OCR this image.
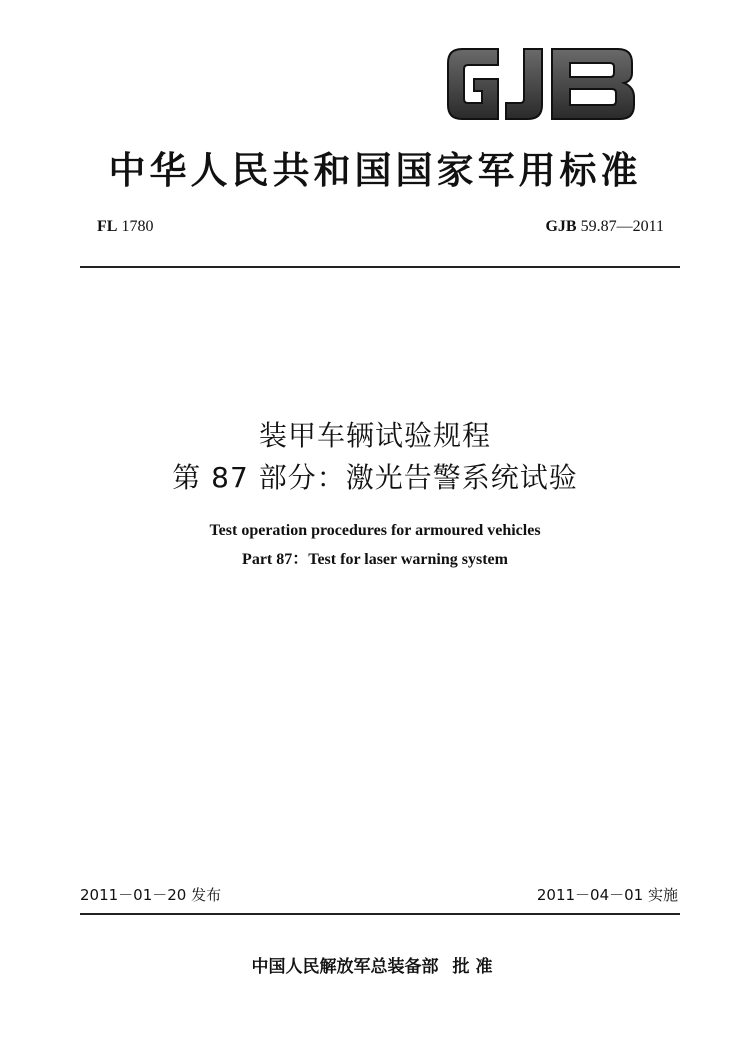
中华人民共和国国家军用标准
FL 1780	GJB 59.87—2011
装甲车辆试验规程
第 87 部分：激光告警系统试验
Test operation procedures for armoured vehicles
Part 87：Test for laser warning system
2011－01－20 发布	2011－04－01 实施
中国人民解放军总装备部 批准
